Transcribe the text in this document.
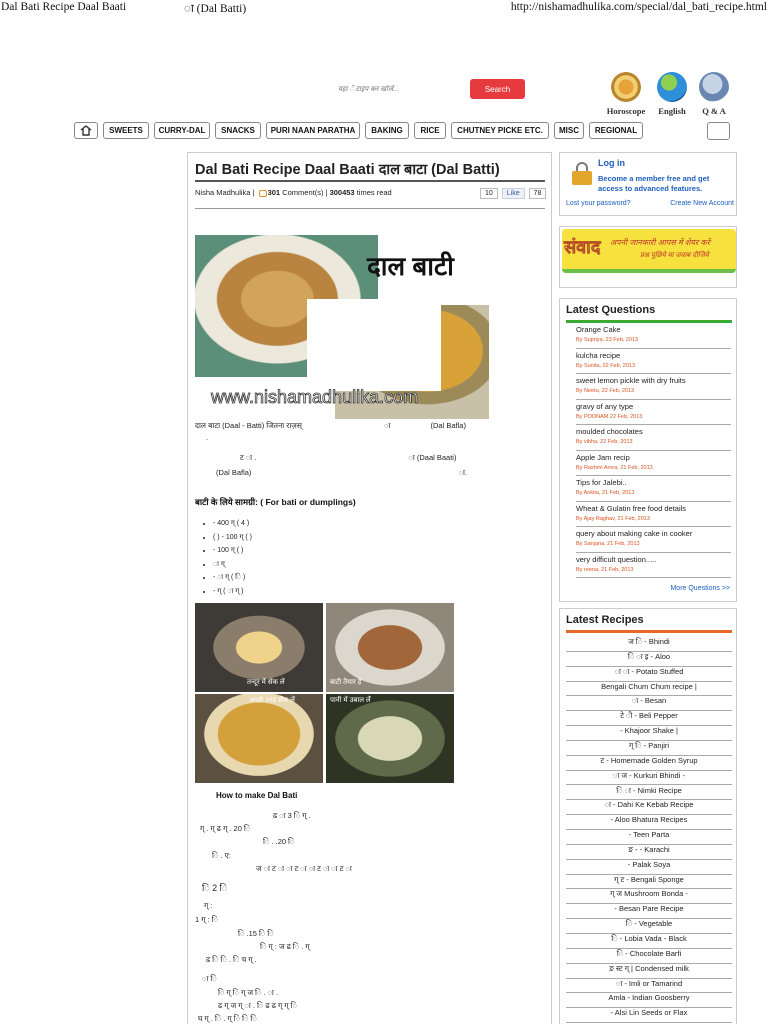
Dal Bati Recipe Daal Baati	ा (Dal Batti)	http://nishamadhulika.com/special/dal_bati_recipe.html
यहा ँ टाइप कर खोजें...
Search
Horoscope	English	Q & A
SWEETS	CURRY-DAL	SNACKS	PURI NAAN PARATHA	BAKING	RICE	CHUTNEY PICKE ETC.	MISC	REGIONAL
Dal Bati Recipe Daal Baati दाल बाटा (Dal Batti)
Nisha Madhulika | 301 Comment(s) | 300453 times read	10 Like 78
दाल बाटी
www.nishamadhulika.com
दाल बाटा (Daal - Batti) जितना राज़स्	ा	(Dal Bafla)
.
ट ा .	ा (Daal Baati)
(Dal Bafla)	ा.
बाटी के लिये सामग्री: ( For bati or dumplings)
• - 400 ग् ( 4 )
• ( ) - 100 ग् ( )
• - 100 ग् ( )
• ा ग्
• - ा ग् ( ि )
• - ग् ( ा ग् )
तन्दूर में सेंक लें	बाटी तैयार है
अच्छी तरह सेंक लें	पानी में उबाल लेंं
How to make Dal Bati
ढ ा 3 ि ग् .
ग् . ग् ढ ग् . 20 ि
ि . .20 ि
ि . ए:
ज ा ट ा ा ट ा ा ट ा ा ट ा
ि 2 ि
ग् :
1 ग् : ि
ि .15 ि ि
ि ग् : ज ढ ि . ग्
ढ ि ि . ि च ग् .
ा ि
ि ग् ि ग् ज ि . ा .
ढ ग् ज ग् ा . ि ढ ढ ग् ग् ि
घ ग् . ि . ग् ि ि ि
Log in
Become a member free and get access to advanced features.
Lost your password?	Create New Account
संवाद अपनी जानकारी आपस में शेयर करें
प्रश्न पूछिये या जवाब दीजिये
Latest Questions
Orange Cake
By Supriya, 23 Feb, 2013
kulcha recipe
By Sunita, 22 Feb, 2013
sweet lemon pickle with dry fruits
By Neetu, 22 Feb, 2013
gravy of any type
By POONAM 22 Feb, 2013
moulded chocolates
By vibha, 22 Feb, 2013
Apple Jam recip
By Rashmi Arora, 21 Feb, 2013
Tips for Jalebi..
By Ankita, 21 Feb, 2013
Wheat & Gulatin free food details
By Ajay Raghav, 21 Feb, 2013
query about making cake in cooker
By Sanjana, 21 Feb, 2013
very difficult question.....
By reena, 21 Feb, 2013
More Questions >>
Latest Recipes
ज ि - Bhindi
ि ा इ - Aloo
ा ा - Potato Stuffed
Bengali Chum Chum recipe |
ा - Besan
टे ी - Beli Pepper
- Khajoor Shake |
ग् ि - Panjiri
ट - Homemade Golden Syrup
ा ज - Kurkuri Bhindi -
ि ा - Nimki Recipe
ा - Dahi Ke Kebab Recipe
- Aloo Bhatura Recipes
- Teen Parta
ङ - - Karachi
- Palak Soya
ग् ट - Bengali Sponge
ग् ज Mushroom Bonda -
- Besan Pare Recipe
ि - Vegetable
ि - Lobia Vada - Black
ि - Chocolate Barfi
ङ स्ट ग् | Condensed milk
ा - Imli or Tamarind
Amla - Indian Goosberry
- Alsi Lin Seeds or Flax
